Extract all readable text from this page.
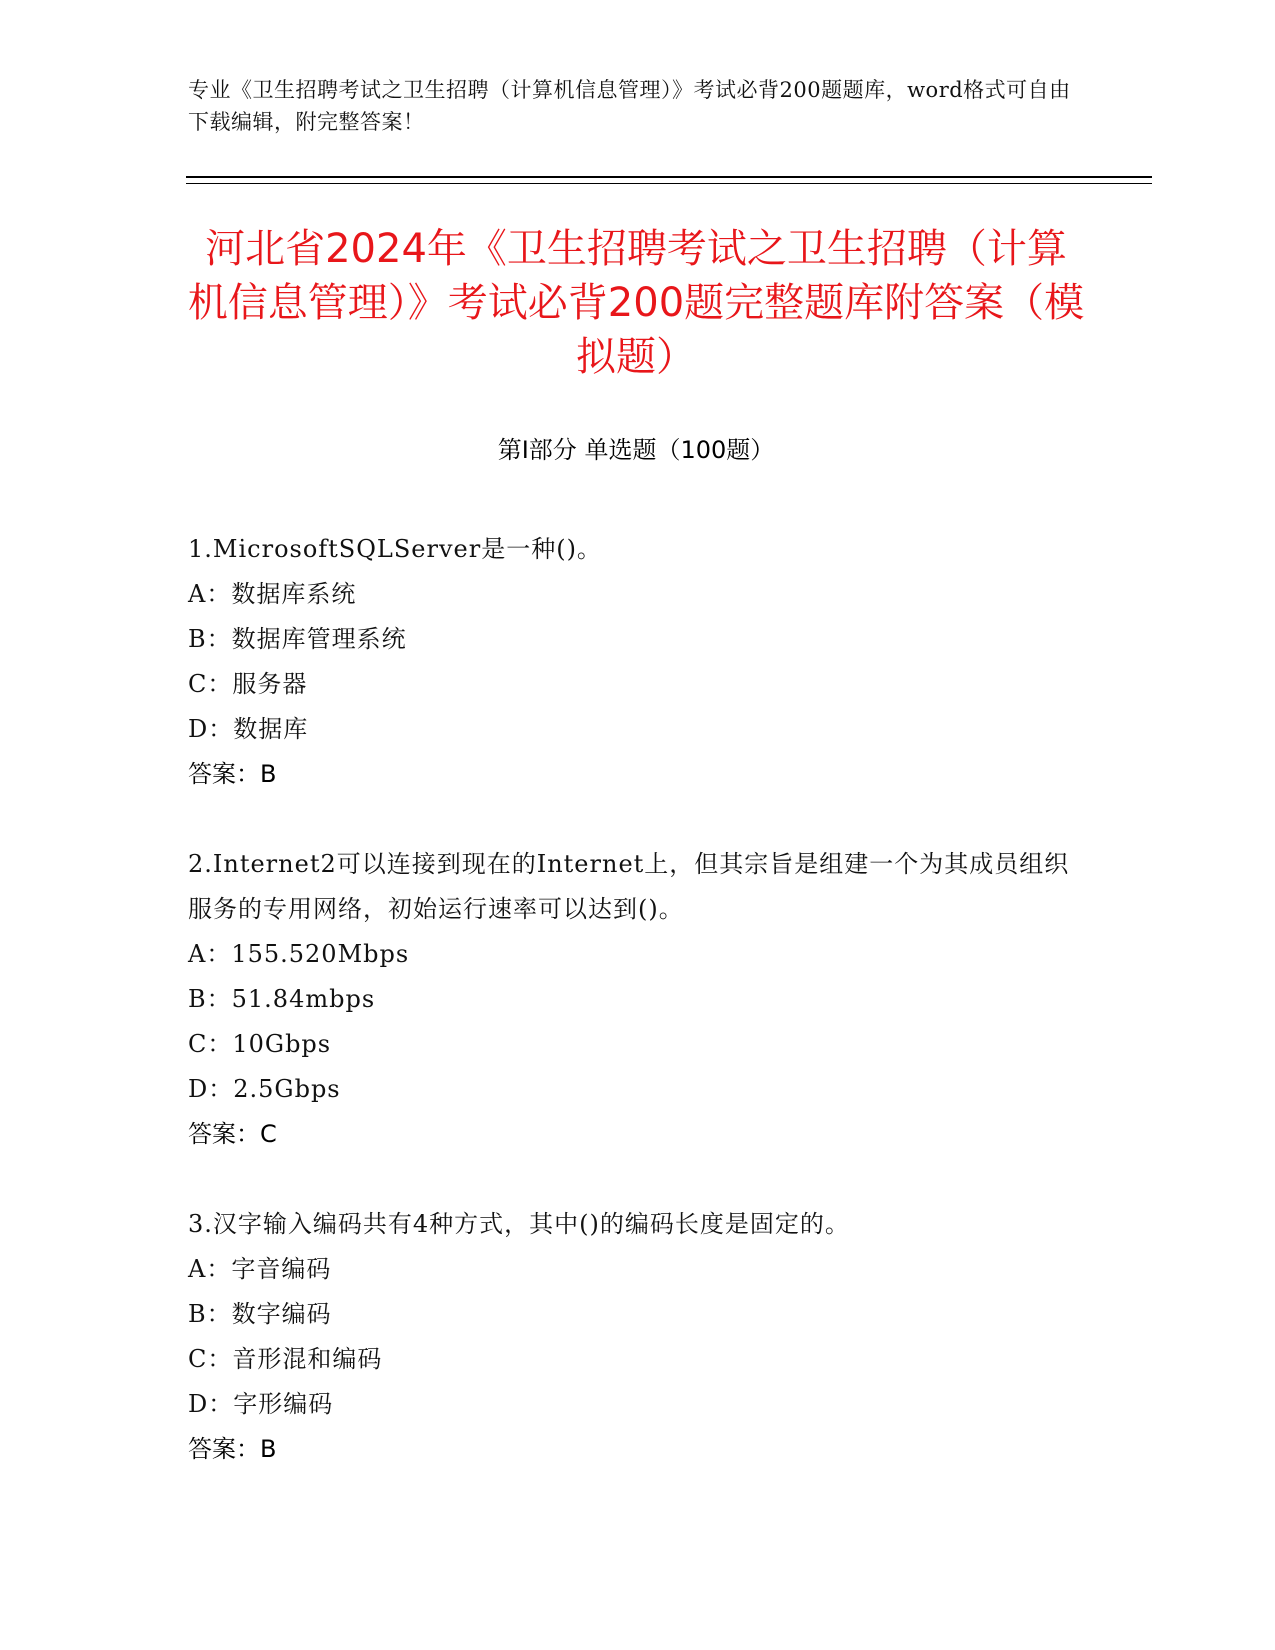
专业《卫生招聘考试之卫生招聘（计算机信息管理）》考试必背200题题库，word格式可自由下载编辑，附完整答案！
河北省2024年《卫生招聘考试之卫生招聘（计算机信息管理）》考试必背200题完整题库附答案（模拟题）
第I部分 单选题（100题）
1.MicrosoftSQLServer是一种()。
A：数据库系统
B：数据库管理系统
C：服务器
D：数据库
答案：B
2.Internet2可以连接到现在的Internet上，但其宗旨是组建一个为其成员组织服务的专用网络，初始运行速率可以达到()。
A：155.520Mbps
B：51.84mbps
C：10Gbps
D：2.5Gbps
答案：C
3.汉字输入编码共有4种方式，其中()的编码长度是固定的。
A：字音编码
B：数字编码
C：音形混和编码
D：字形编码
答案：B
